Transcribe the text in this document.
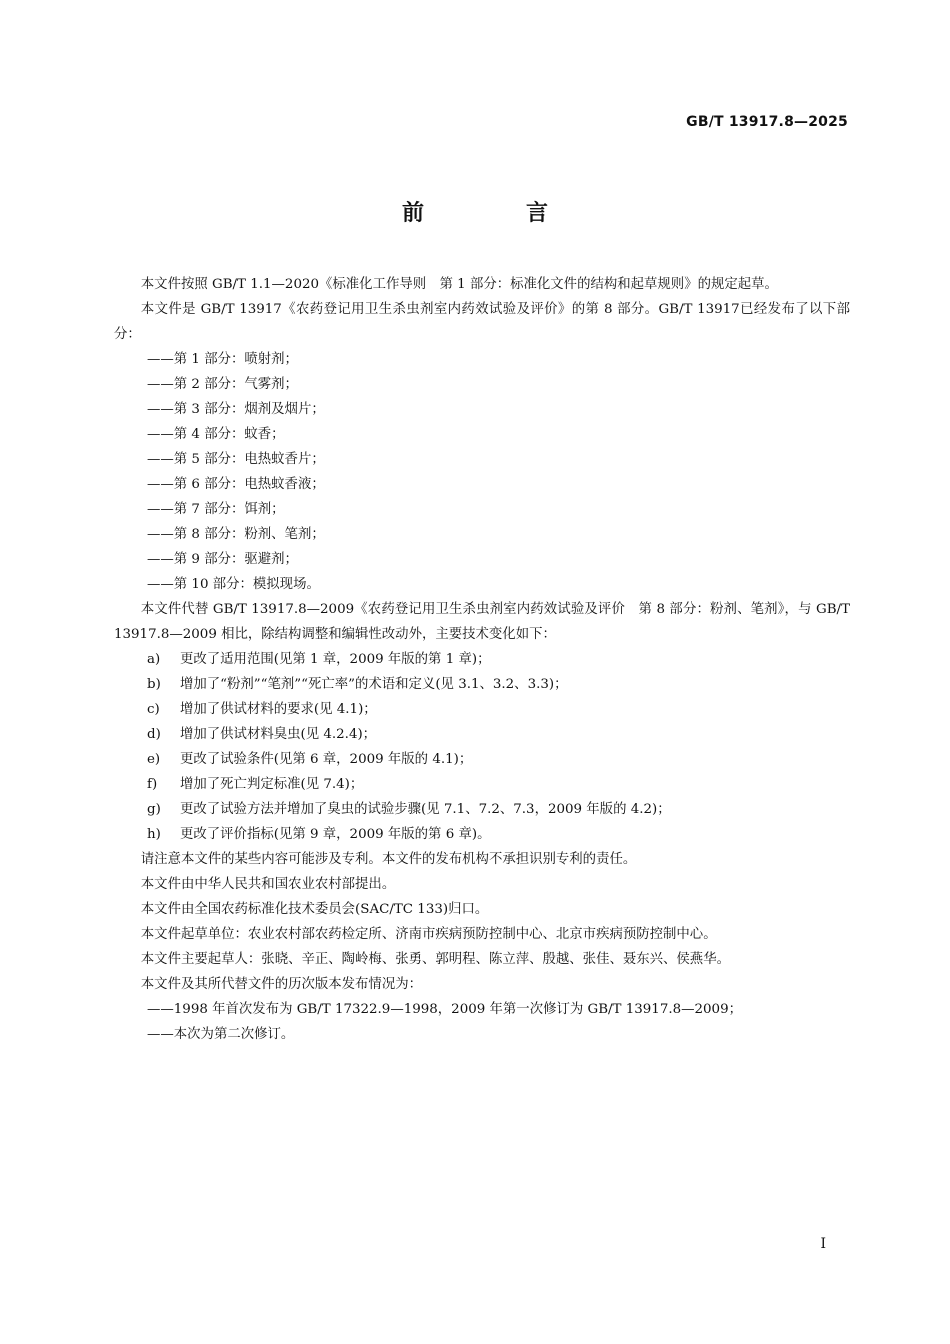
GB/T 13917.8—2025
前　言

本文件按照 GB/T 1.1—2020《标准化工作导则　第 1 部分：标准化文件的结构和起草规则》的规定起草。

本文件是 GB/T 13917《农药登记用卫生杀虫剂室内药效试验及评价》的第 8 部分。GB/T 13917已经发布了以下部分：

——第 1 部分：喷射剂；

——第 2 部分：气雾剂；

——第 3 部分：烟剂及烟片；

——第 4 部分：蚊香；

——第 5 部分：电热蚊香片；

——第 6 部分：电热蚊香液；

——第 7 部分：饵剂；

——第 8 部分：粉剂、笔剂；

——第 9 部分：驱避剂；

——第 10 部分：模拟现场。

本文件代替 GB/T 13917.8—2009《农药登记用卫生杀虫剂室内药效试验及评价　第 8 部分：粉剂、笔剂》，与 GB/T 13917.8—2009 相比，除结构调整和编辑性改动外，主要技术变化如下：

a) 更改了适用范围(见第 1 章，2009 年版的第 1 章)；

b) 增加了“粉剂”“笔剂”“死亡率”的术语和定义(见 3.1、3.2、3.3)；

c) 增加了供试材料的要求(见 4.1)；

d) 增加了供试材料臭虫(见 4.2.4)；

e) 更改了试验条件(见第 6 章，2009 年版的 4.1)；

f) 增加了死亡判定标准(见 7.4)；

g) 更改了试验方法并增加了臭虫的试验步骤(见 7.1、7.2、7.3，2009 年版的 4.2)；

h) 更改了评价指标(见第 9 章，2009 年版的第 6 章)。

请注意本文件的某些内容可能涉及专利。本文件的发布机构不承担识别专利的责任。

本文件由中华人民共和国农业农村部提出。

本文件由全国农药标准化技术委员会(SAC/TC 133)归口。

本文件起草单位：农业农村部农药检定所、济南市疾病预防控制中心、北京市疾病预防控制中心。

本文件主要起草人：张晓、辛正、陶岭梅、张勇、郭明程、陈立萍、殷越、张佳、聂东兴、侯燕华。

本文件及其所代替文件的历次版本发布情况为：

——1998 年首次发布为 GB/T 17322.9—1998，2009 年第一次修订为 GB/T 13917.8—2009；

——本次为第二次修订。

I
